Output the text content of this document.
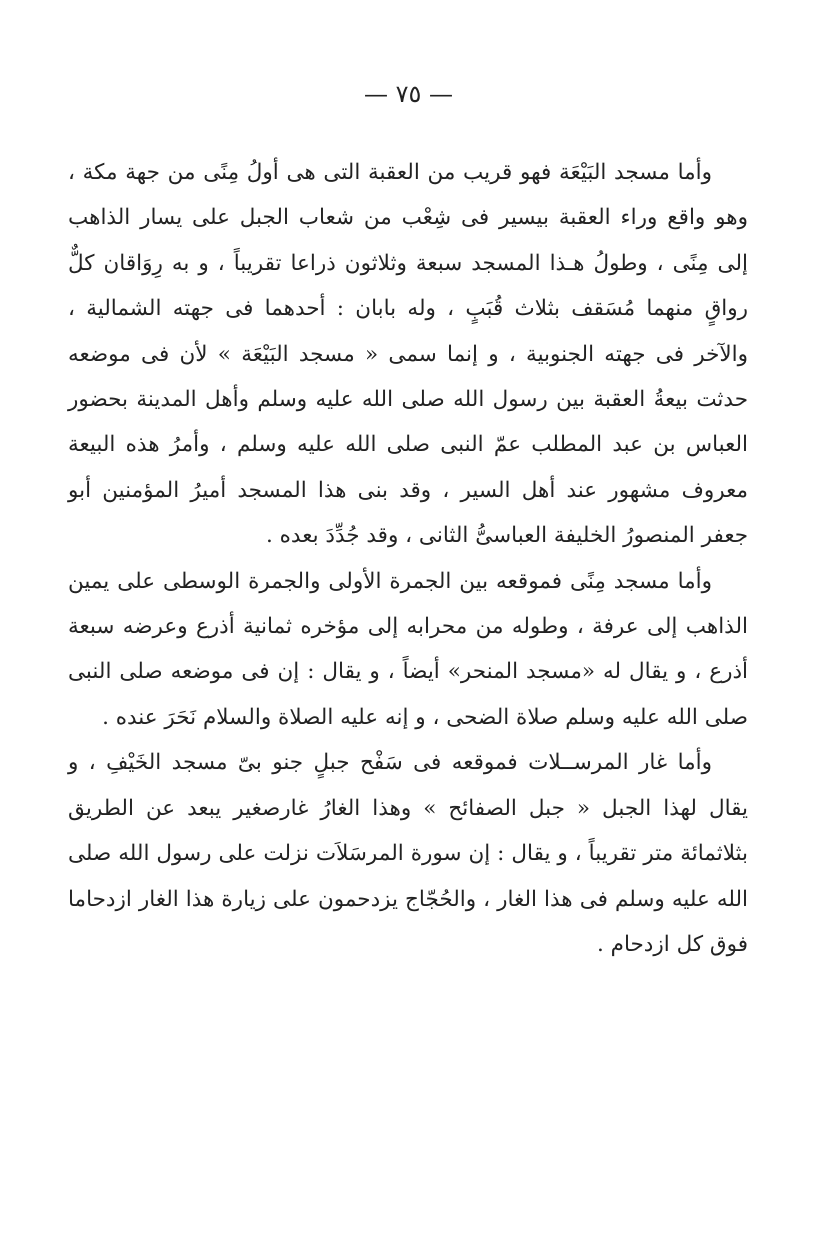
— ٧٥ —

وأما مسجد البَيْعَة فهو قريب من العقبة التى هى أولُ مِنًى من جهة مكة ، وهو واقع وراء العقبة بيسير فى شِعْب من شعاب الجبل على يسار الذاهب إلى مِنًى ، وطولُ هـذا المسجد سبعة وثلاثون ذراعا تقريباً ، و به رِوَاقان كلٌّ رواقٍ منهما مُسَقف بثلاث قُبَبٍ ، وله بابان : أحدهما فى جهته الشمالية ، والآخر فى جهته الجنوبية ، و إنما سمى « مسجد البَيْعَة » لأن فى موضعه حدثت بيعةُ العقبة بين رسول الله صلى الله عليه وسلم وأهل المدينة بحضور العباس بن عبد المطلب عمّ النبى صلى الله عليه وسلم ، وأمرُ هذه البيعة معروف مشهور عند أهل السير ، وقد بنى هذا المسجد أميرُ المؤمنين أبو جعفر المنصورُ الخليفة العباسىُّ الثانى ، وقد جُدِّدَ بعده .

وأما مسجد مِنًى فموقعه بين الجمرة الأولى والجمرة الوسطى على يمين الذاهب إلى عرفة ، وطوله من محرابه إلى مؤخره ثمانية أذرع وعرضه سبعة أذرع ، و يقال له «مسجد المنحر» أيضاً ، و يقال : إن فى موضعه صلى النبى صلى الله عليه وسلم صلاة الضحى ، و إنه عليه الصلاة والسلام نَحَرَ عنده .

وأما غار المرســلات فموقعه فى سَفْح جبلٍ جنو بىّ مسجد الخَيْفِ ، و يقال لهذا الجبل « جبل الصفائح » وهذا الغارُ غارصغير يبعد عن الطريق بثلاثمائة متر تقريباً ، و يقال : إن سورة المرسَلاَت نزلت على رسول الله صلى الله عليه وسلم فى هذا الغار ، والحُجّاج يزدحمون على زيارة هذا الغار ازدحاما فوق كل ازدحام .
